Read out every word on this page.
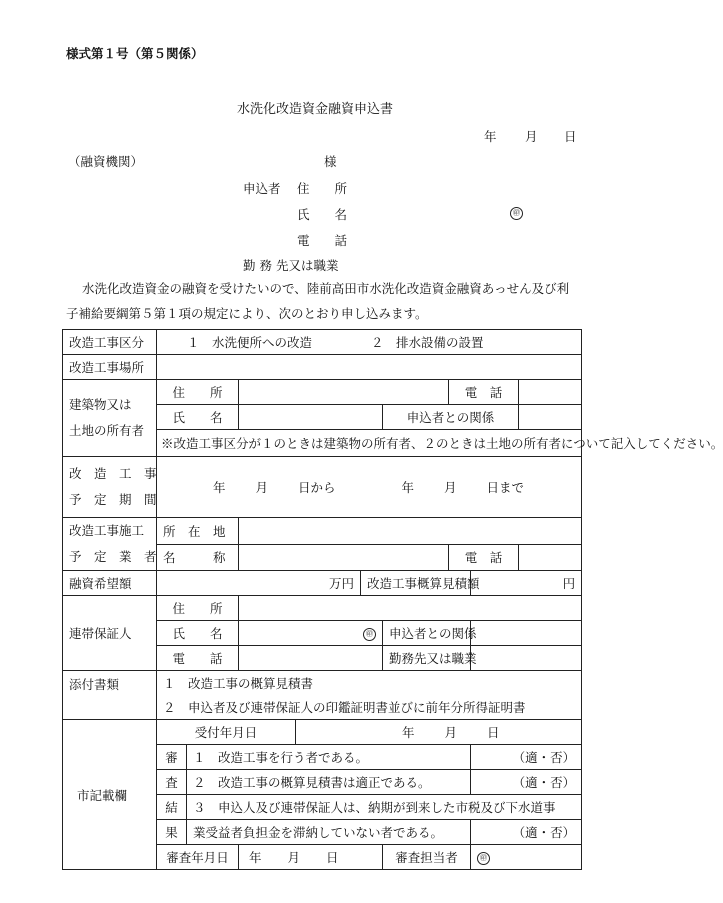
様式第１号（第５関係）
水洗化改造資金融資申込書
年 月 日
（融資機関）	様
申込者 住　　所
氏　　名	㊞
電　　話
勤 務 先又は職業
水洗化改造資金の融資を受けたいので、陸前高田市水洗化改造資金融資あっせん及び利子補給要綱第５第１項の規定により、次のとおり申し込みます。
改造工事区分	１　水洗便所への改造 ２　排水設備の設置								
改造工事場所									

建築物又は
土地の所有者	住　　所						電　話		
	氏　　名					申込者との関係			
	※改造工事区分が１のときは建築物の所有者、２のときは土地の所有者について記入してください。								

改　造　工　事
予　定　期　間	年 月 日から 年 月 日まで								

改造工事施工
予　定　業　者	所　在　地								
	名　　　称						電　話		
融資希望額	万円				改造工事概算見積額			円	

連帯保証人	住　　所								
	氏　　名		㊞			申込者との関係			
	電　　話					勤務先又は職業			

添付書類	１　改造工事の概算見積書								
	２　申込者及び連帯保証人の印鑑証明書並びに前年分所得証明書								

市記載欄	受付年月日			年 月 日					
	審	１　改造工事を行う者である。						（適・否）	
	査	２　改造工事の概算見積書は適正である。						（適・否）	
	結	３　申込人及び連帯保証人は、納期が到来した市税及び下水道事							
	果	業受益者負担金を滞納していない者である。						（適・否）	
	審査年月日		年 月 日			審査担当者		㊞	
